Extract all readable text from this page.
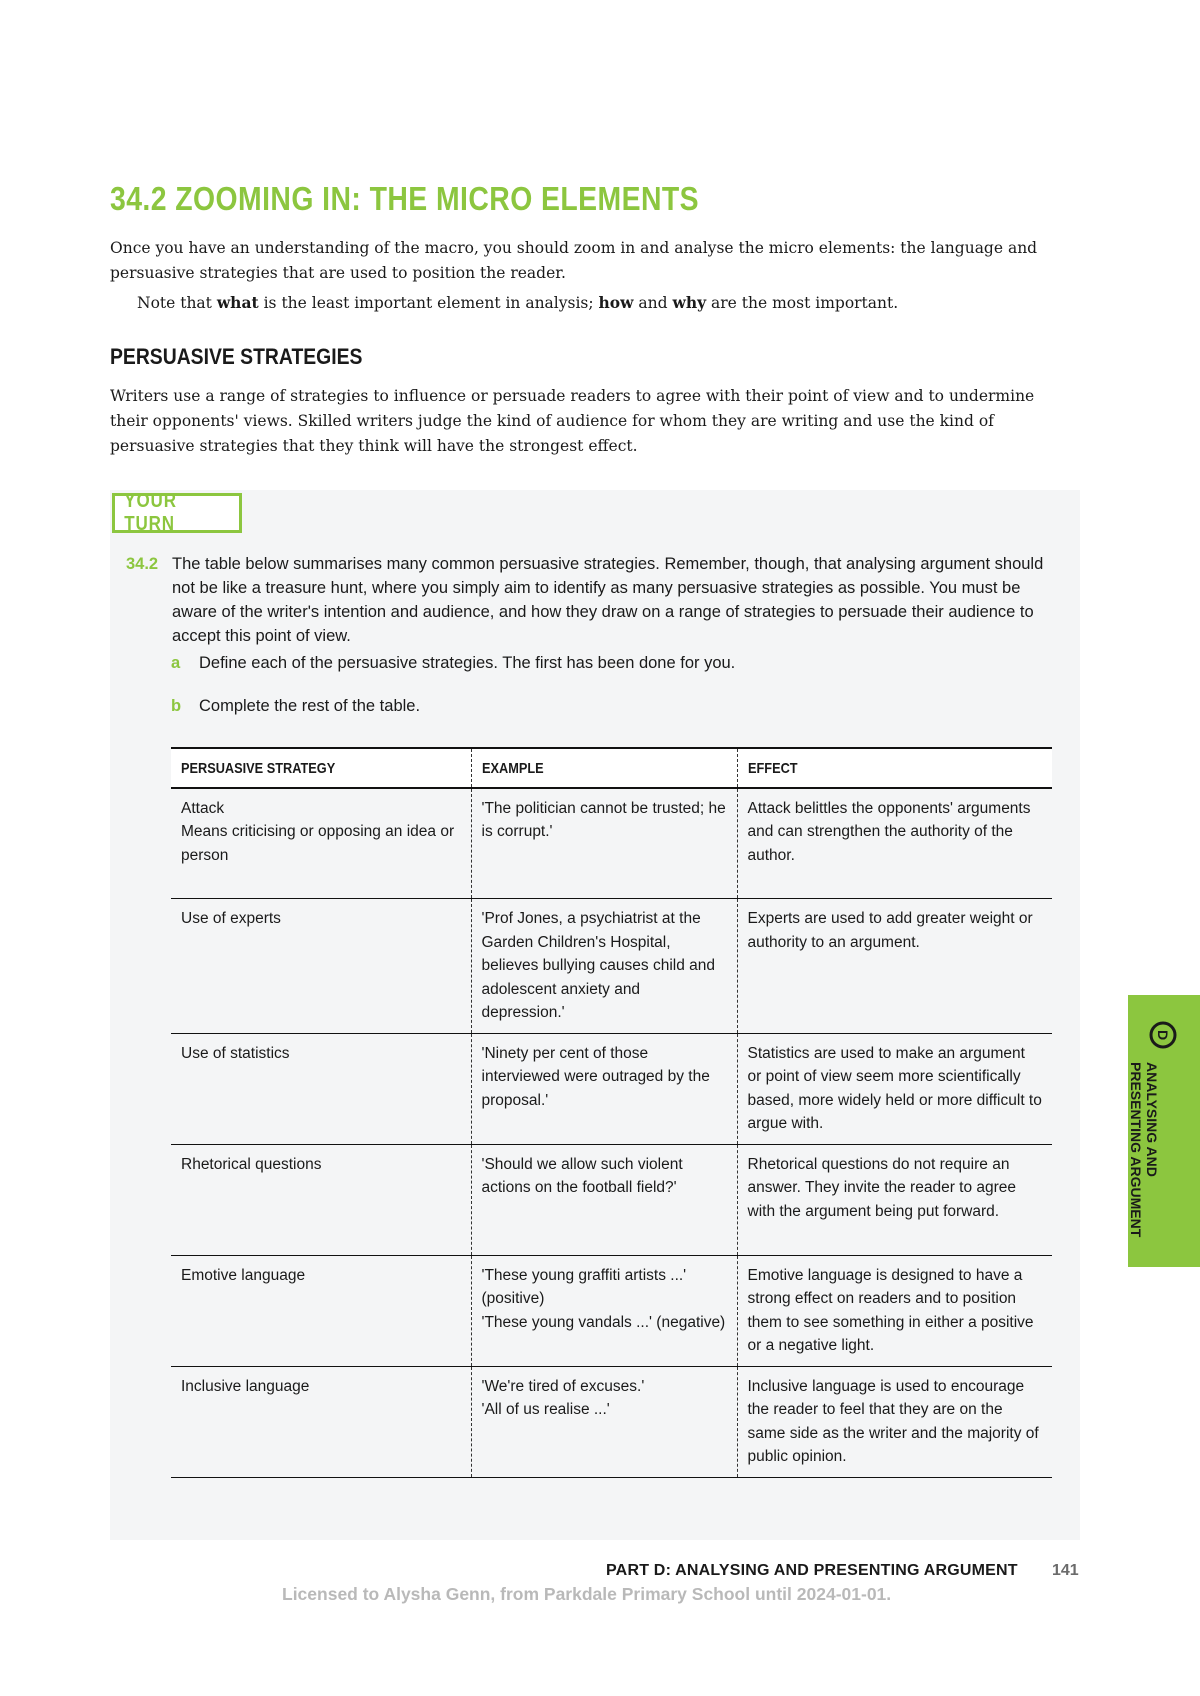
34.2 ZOOMING IN: THE MICRO ELEMENTS

Once you have an understanding of the macro, you should zoom in and analyse the micro elements: the language and persuasive strategies that are used to position the reader.

Note that what is the least important element in analysis; how and why are the most important.

PERSUASIVE STRATEGIES

Writers use a range of strategies to influence or persuade readers to agree with their point of view and to undermine their opponents' views. Skilled writers judge the kind of audience for whom they are writing and use the kind of persuasive strategies that they think will have the strongest effect.

YOUR TURN
34.2 The table below summarises many common persuasive strategies. Remember, though, that analysing argument should not be like a treasure hunt, where you simply aim to identify as many persuasive strategies as possible. You must be aware of the writer's intention and audience, and how they draw on a range of strategies to persuade their audience to accept this point of view.
a Define each of the persuasive strategies. The first has been done for you.
b Complete the rest of the table.
PERSUASIVE STRATEGY	EXAMPLE	EFFECT

Attack
Means criticising or opposing an idea or person	'The politician cannot be trusted; he is corrupt.'	Attack belittles the opponents' arguments and can strengthen the authority of the author.

Use of experts	'Prof Jones, a psychiatrist at the Garden Children's Hospital, believes bullying causes child and adolescent anxiety and depression.'	Experts are used to add greater weight or authority to an argument.

Use of statistics	'Ninety per cent of those interviewed were outraged by the proposal.'	Statistics are used to make an argument or point of view seem more scientifically based, more widely held or more difficult to argue with.

Rhetorical questions	'Should we allow such violent actions on the football field?'	Rhetorical questions do not require an answer. They invite the reader to agree with the argument being put forward.

Emotive language	'These young graffiti artists ...' (positive)
'These young vandals ...' (negative)	Emotive language is designed to have a strong effect on readers and to position them to see something in either a positive or a negative light.

Inclusive language	'We're tired of excuses.'
'All of us realise ...'	Inclusive language is used to encourage the reader to feel that they are on the same side as the writer and the majority of public opinion.
D
ANALYSING AND
PRESENTING ARGUMENT
PART D: ANALYSING AND PRESENTING ARGUMENT 141
Licensed to Alysha Genn, from Parkdale Primary School until 2024-01-01.
